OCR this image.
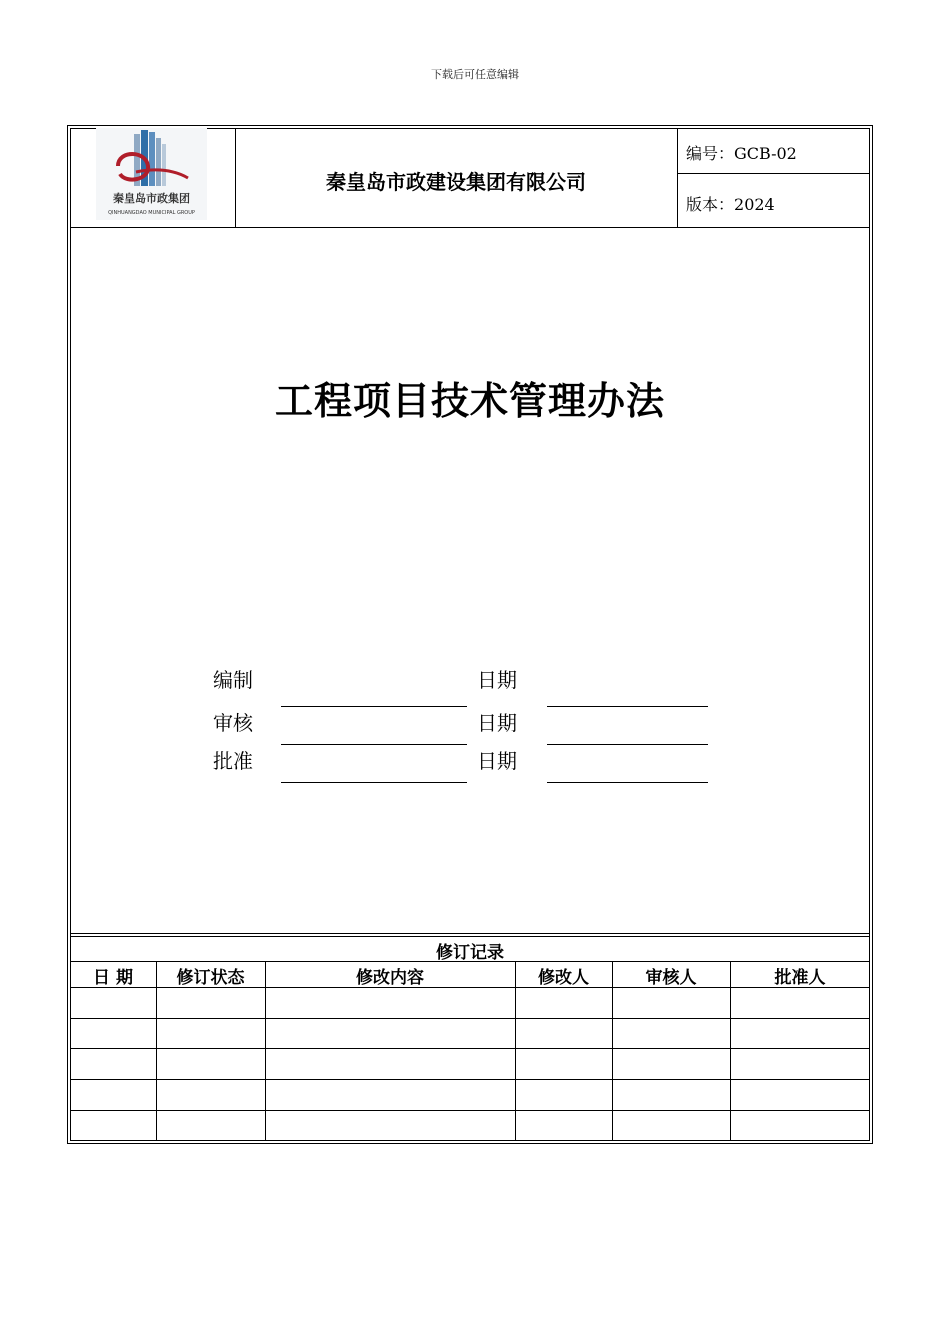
下载后可任意编辑
秦皇岛市政集团
QINHUANGDAO MUNICIPAL GROUP
秦皇岛市政建设集团有限公司
编号：GCB-02
版本：2024
工程项目技术管理办法
编制	日期
审核	日期
批准	日期
修订记录
日 期	修订状态	修改内容	修改人	审核人	批准人
